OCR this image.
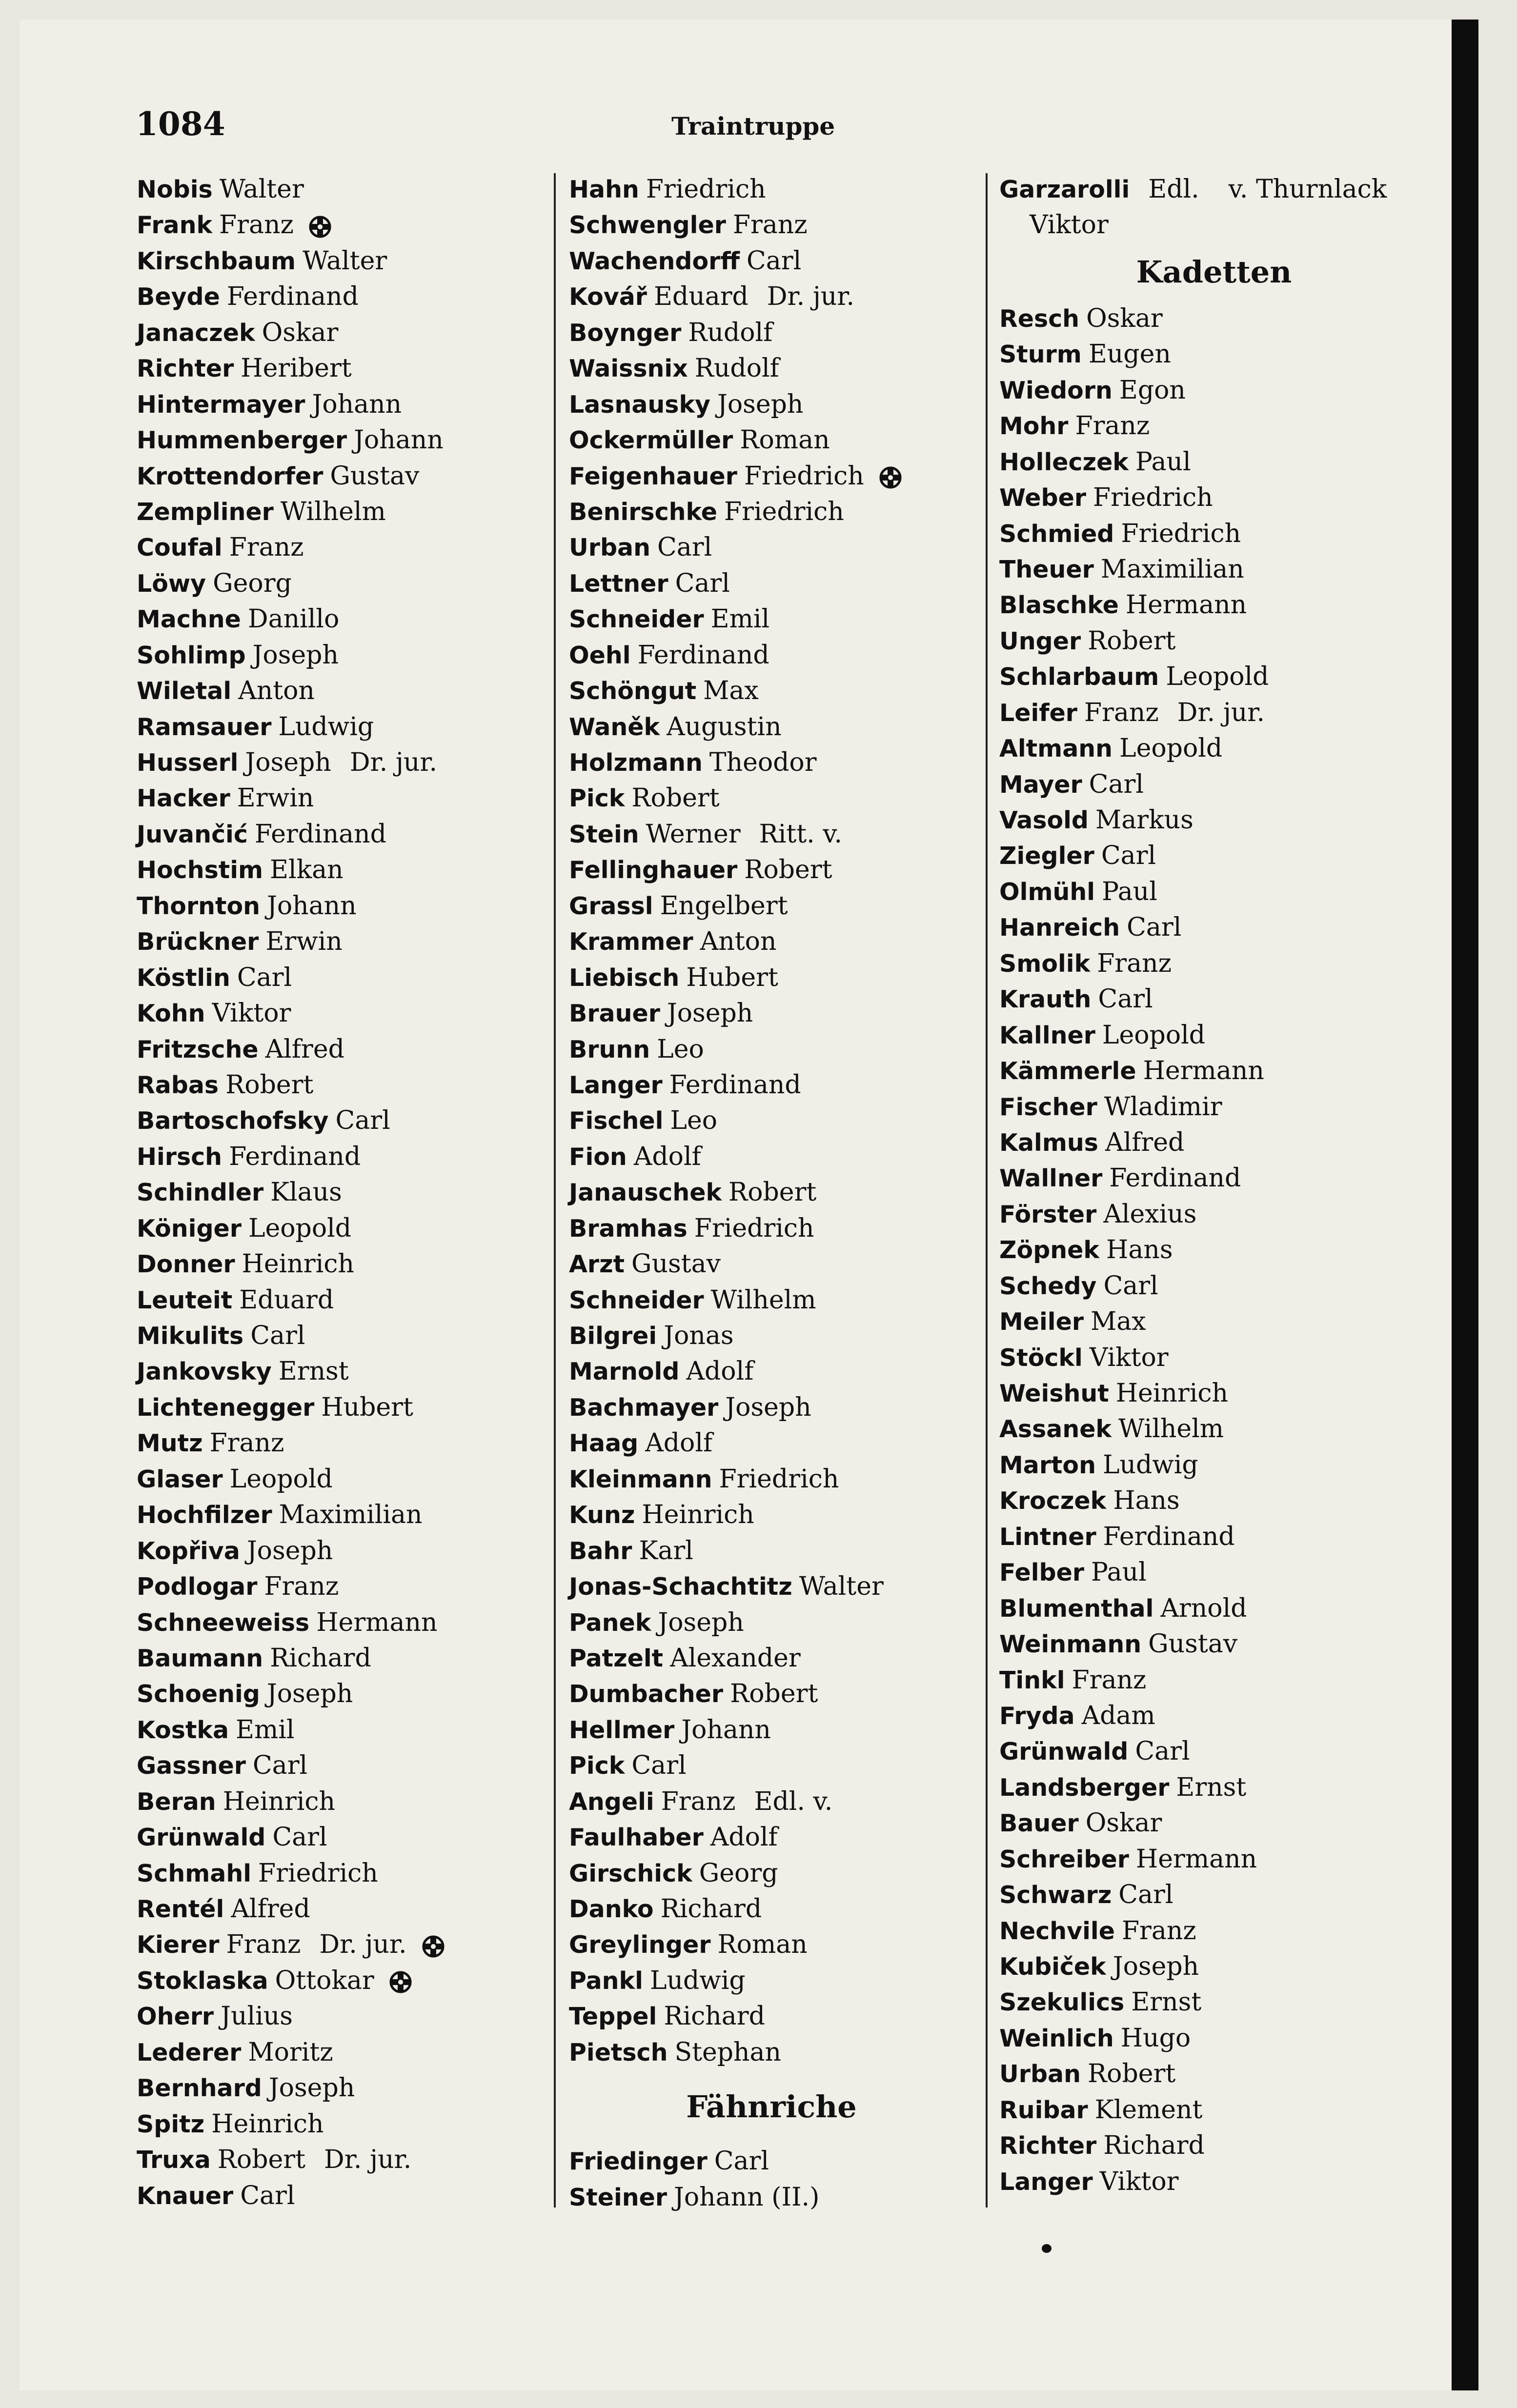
1084	Traintruppe
Nobis Walter
Frank Franz
Kirschbaum Walter
Beyde Ferdinand
Janaczek Oskar
Richter Heribert
Hintermayer Johann
Hummenberger Johann
Krottendorfer Gustav
Zempliner Wilhelm
Coufal Franz
Löwy Georg
Machne Danillo
Sohlimp Joseph
Wiletal Anton
Ramsauer Ludwig
Husserl Joseph Dr. jur.
Hacker Erwin
Juvančić Ferdinand
Hochstim Elkan
Thornton Johann
Brückner Erwin
Köstlin Carl
Kohn Viktor
Fritzsche Alfred
Rabas Robert
Bartoschofsky Carl
Hirsch Ferdinand
Schindler Klaus
Königer Leopold
Donner Heinrich
Leuteit Eduard
Mikulits Carl
Jankovsky Ernst
Lichtenegger Hubert
Mutz Franz
Glaser Leopold
Hochfilzer Maximilian
Kopřiva Joseph
Podlogar Franz
Schneeweiss Hermann
Baumann Richard
Schoenig Joseph
Kostka Emil
Gassner Carl
Beran Heinrich
Grünwald Carl
Schmahl Friedrich
Rentél Alfred
Kierer Franz Dr. jur.
Stoklaska Ottokar
Oherr Julius
Lederer Moritz
Bernhard Joseph
Spitz Heinrich
Truxa Robert Dr. jur.
Knauer Carl
Hahn Friedrich
Schwengler Franz
Wachendorff Carl
Kovář Eduard Dr. jur.
Boynger Rudolf
Waissnix Rudolf
Lasnausky Joseph
Ockermüller Roman
Feigenhauer Friedrich
Benirschke Friedrich
Urban Carl
Lettner Carl
Schneider Emil
Oehl Ferdinand
Schöngut Max
Waněk Augustin
Holzmann Theodor
Pick Robert
Stein Werner Ritt. v.
Fellinghauer Robert
Grassl Engelbert
Krammer Anton
Liebisch Hubert
Brauer Joseph
Brunn Leo
Langer Ferdinand
Fischel Leo
Fion Adolf
Janauschek Robert
Bramhas Friedrich
Arzt Gustav
Schneider Wilhelm
Bilgrei Jonas
Marnold Adolf
Bachmayer Joseph
Haag Adolf
Kleinmann Friedrich
Kunz Heinrich
Bahr Karl
Jonas-Schachtitz Walter
Panek Joseph
Patzelt Alexander
Dumbacher Robert
Hellmer Johann
Pick Carl
Angeli Franz Edl. v.
Faulhaber Adolf
Girschick Georg
Danko Richard
Greylinger Roman
Pankl Ludwig
Teppel Richard
Pietsch Stephan
Fähnriche
Friedinger Carl
Steiner Johann (II.)
Garzarolli Edl. v. Thurnlack
Viktor
Kadetten
Resch Oskar
Sturm Eugen
Wiedorn Egon
Mohr Franz
Holleczek Paul
Weber Friedrich
Schmied Friedrich
Theuer Maximilian
Blaschke Hermann
Unger Robert
Schlarbaum Leopold
Leifer Franz Dr. jur.
Altmann Leopold
Mayer Carl
Vasold Markus
Ziegler Carl
Olmühl Paul
Hanreich Carl
Smolik Franz
Krauth Carl
Kallner Leopold
Kämmerle Hermann
Fischer Wladimir
Kalmus Alfred
Wallner Ferdinand
Förster Alexius
Zöpnek Hans
Schedy Carl
Meiler Max
Stöckl Viktor
Weishut Heinrich
Assanek Wilhelm
Marton Ludwig
Kroczek Hans
Lintner Ferdinand
Felber Paul
Blumenthal Arnold
Weinmann Gustav
Tinkl Franz
Fryda Adam
Grünwald Carl
Landsberger Ernst
Bauer Oskar
Schreiber Hermann
Schwarz Carl
Nechvile Franz
Kubiček Joseph
Szekulics Ernst
Weinlich Hugo
Urban Robert
Ruibar Klement
Richter Richard
Langer Viktor
